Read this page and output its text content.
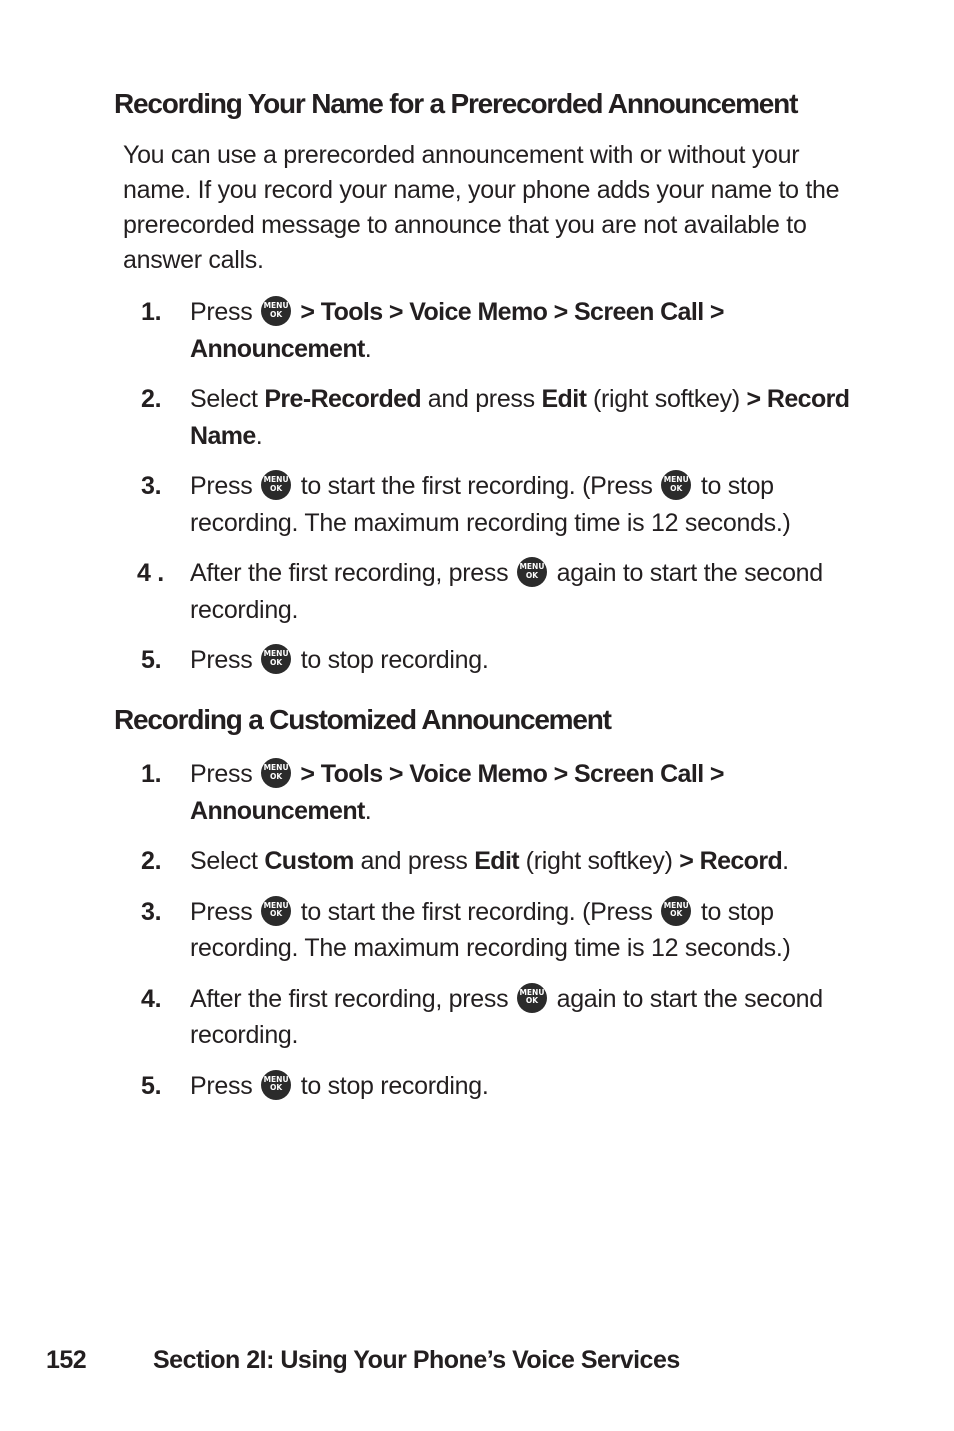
Recording Your Name for a Prerecorded Announcement

You can use a prerecorded announcement with or without your name. If you record your name, your phone adds your name to the prerecorded message to announce that you are not available to answer calls.

1.	Press MENU OK > Tools > Voice Memo > Screen Call > Announcement.
2.	Select Pre-Recorded and press Edit (right softkey) > Record Name.
3.	Press MENU OK to start the first recording. (Press MENU OK to stop recording. The maximum recording time is 12 seconds.)
4 . After the first recording, press MENU OK again to start the second recording.
5.	Press MENU OK to stop recording.
Recording a Customized Announcement
1.	Press MENU OK > Tools > Voice Memo > Screen Call > Announcement.
2.	Select Custom and press Edit (right softkey) > Record.
3.	Press MENU OK to start the first recording. (Press MENU OK to stop recording. The maximum recording time is 12 seconds.)
4.	After the first recording, press MENU OK again to start the second recording.
5.	Press MENU OK to stop recording.
152	Section 2I: Using Your Phone’s Voice Services
